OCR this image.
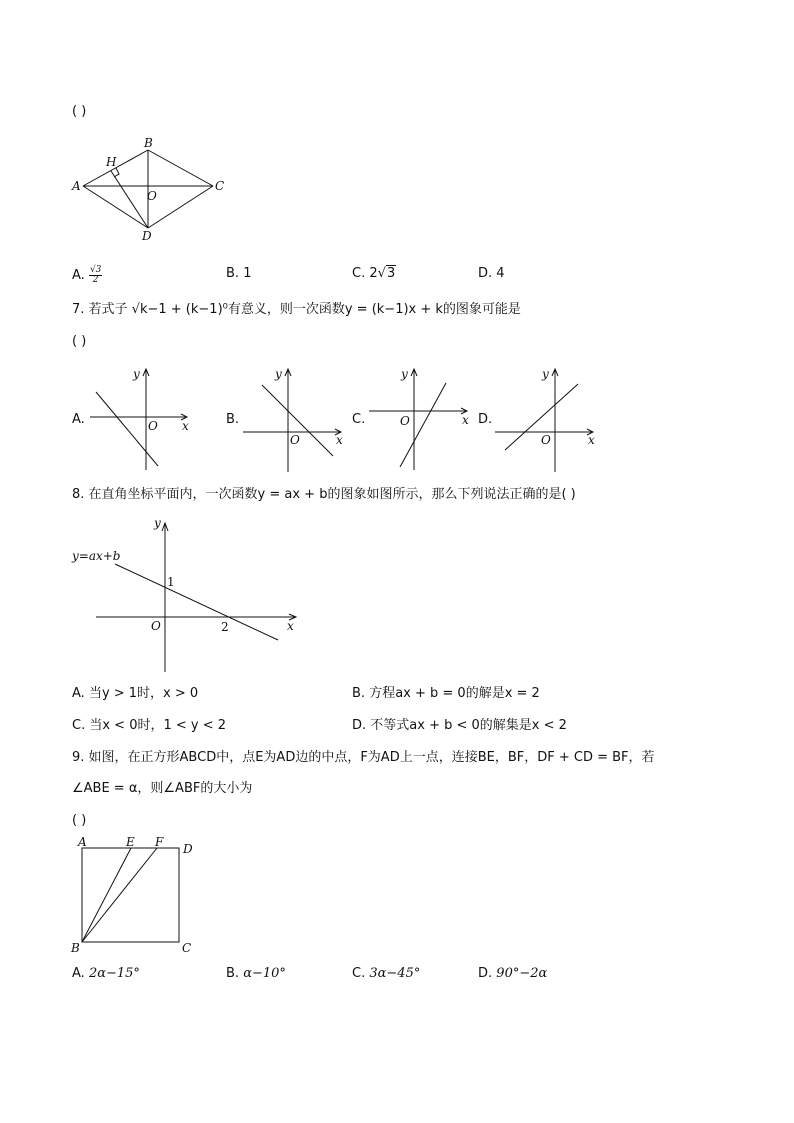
( )
A
B
C
D
H
O
A. $\frac{√3}{2}$	B. 1	C. 2√3	D. 4
7. 若式子 √k−1 + (k−1)⁰有意义，则一次函数y = (k−1)x + k的图象可能是
( )
A.
y
x
O	B.
y
x
O
C.
y
x
O	D.
y
x
O
8. 在直角坐标平面内，一次函数y = ax + b的图象如图所示，那么下列说法正确的是( )
y=ax+b
y
x
O
1
2
A. 当y > 1时，x > 0	B. 方程ax + b = 0的解是x = 2
C. 当x < 0时，1 < y < 2	D. 不等式ax + b < 0的解集是x < 2
9. 如图，在正方形ABCD中，点E为AD边的中点，F为AD上一点，连接BE，BF，DF + CD = BF，若
∠ABE = α，则∠ABF的大小为
( )
A	E F D
B	C
A. 2α−15°	B. α−10°	C. 3α−45°	D. 90°−2α
